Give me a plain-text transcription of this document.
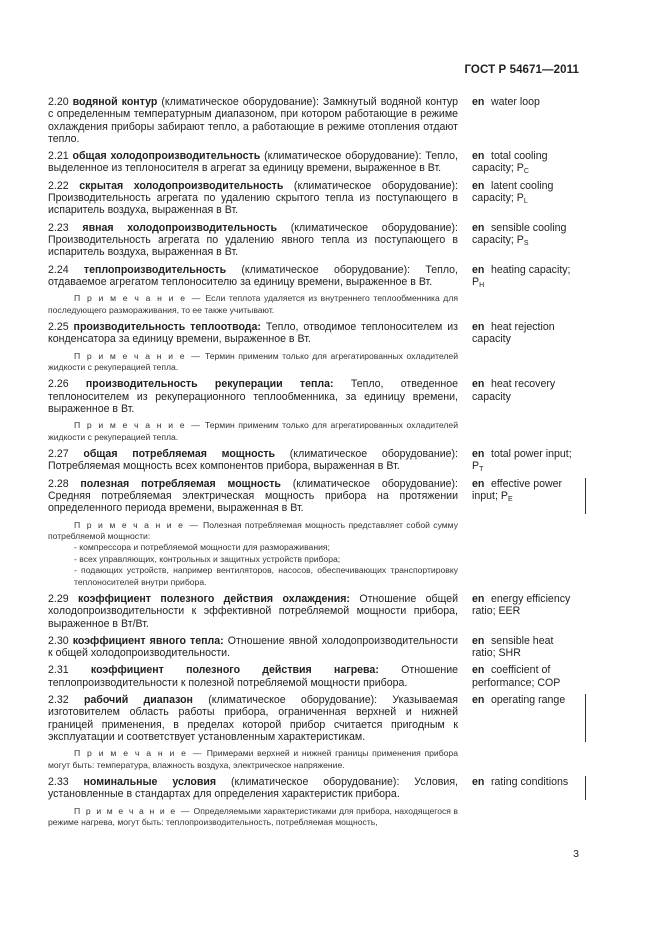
ГОСТ Р 54671—2011
2.20 водяной контур (климатическое оборудование): Замкнутый водяной контур с определенным температурным диапазоном, при котором работающие в режиме охлаждения приборы забирают тепло, а работающие в режиме отопления отдают тепло.
en water loop
2.21 общая холодопроизводительность (климатическое оборудование): Тепло, выделенное из теплоносителя в агрегат за единицу времени, выраженное в Вт.
en total cooling capacity; $P_C$
2.22 скрытая холодопроизводительность (климатическое оборудование): Производительность агрегата по удалению скрытого тепла из поступающего в испаритель воздуха, выраженная в Вт.
en latent cooling capacity; $P_L$
2.23 явная холодопроизводительность (климатическое оборудование): Производительность агрегата по удалению явного тепла из поступающего в испаритель воздуха, выраженная в Вт.
en sensible cooling capacity; $P_S$
2.24 теплопроизводительность (климатическое оборудование): Тепло, отдаваемое агрегатом теплоносителю за единицу времени, выраженное в Вт.
en heating capacity; $P_H$
П р и м е ч а н и е — Если теплота удаляется из внутреннего теплообменника для последующего размораживания, то ее также учитывают.
2.25 производительность теплоотвода: Тепло, отводимое теплоносителем из конденсатора за единицу времени, выраженное в Вт.
en heat rejection capacity
П р и м е ч а н и е — Термин применим только для агрегатированных охладителей жидкости с рекуперацией тепла.
2.26 производительность рекуперации тепла: Тепло, отведенное теплоносителем из рекуперационного теплообменника, за единицу времени, выраженное в Вт.
en heat recovery capacity
П р и м е ч а н и е — Термин применим только для агрегатированных охладителей жидкости с рекуперацией тепла.
2.27 общая потребляемая мощность (климатическое оборудование): Потребляемая мощность всех компонентов прибора, выраженная в Вт.
en total power input; $P_T$
2.28 полезная потребляемая мощность (климатическое оборудование): Средняя потребляемая электрическая мощность прибора на протяжении определенного периода времени, выраженная в Вт.
en effective power input; $P_E$
П р и м е ч а н и е — Полезная потребляемая мощность представляет собой сумму потребляемой мощности:
- компрессора и потребляемой мощности для размораживания;
- всех управляющих, контрольных и защитных устройств прибора;
- подающих устройств, например вентиляторов, насосов, обеспечивающих транспортировку теплоносителей внутри прибора.
2.29 коэффициент полезного действия охлаждения: Отношение общей холодопроизводительности к эффективной потребляемой мощности прибора, выраженное в Вт/Вт.
en energy efficiency ratio; EER
2.30 коэффициент явного тепла: Отношение явной холодопроизводительности к общей холодопроизводительности.
en sensible heat ratio; SHR
2.31 коэффициент полезного действия нагрева: Отношение теплопроизводительности к полезной потребляемой мощности прибора.
en coefficient of performance; COP
2.32 рабочий диапазон (климатическое оборудование): Указываемая изготовителем область работы прибора, ограниченная верхней и нижней границей применения, в пределах которой прибор считается пригодным к эксплуатации и соответствует установленным характеристикам.
en operating range
П р и м е ч а н и е — Примерами верхней и нижней границы применения прибора могут быть: температура, влажность воздуха, электрическое напряжение.
2.33 номинальные условия (климатическое оборудование): Условия, установленные в стандартах для определения характеристик прибора.
en rating conditions
П р и м е ч а н и е — Определяемыми характеристиками для прибора, находящегося в режиме нагрева, могут быть: теплопроизводительность, потребляемая мощность,
3
